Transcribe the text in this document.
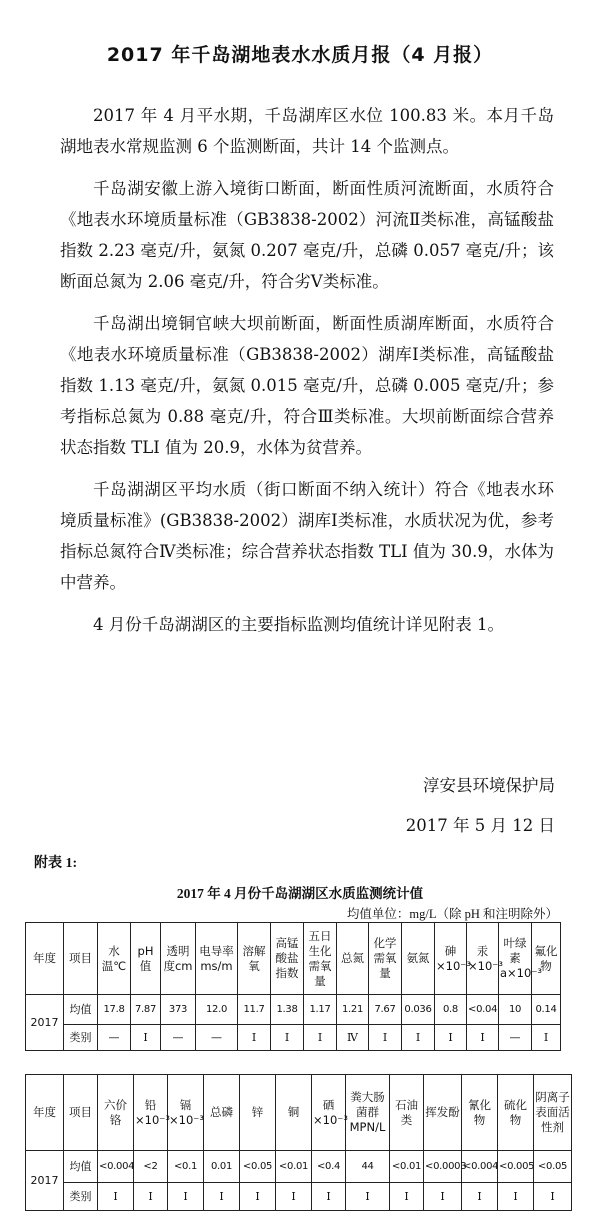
2017 年千岛湖地表水水质月报（4 月报）

2017 年 4 月平水期，千岛湖库区水位 100.83 米。本月千岛湖地表水常规监测 6 个监测断面，共计 14 个监测点。

千岛湖安徽上游入境街口断面，断面性质河流断面，水质符合《地表水环境质量标准（GB3838-2002）河流Ⅱ类标准，高锰酸盐指数 2.23 毫克/升，氨氮 0.207 毫克/升，总磷 0.057 毫克/升；该断面总氮为 2.06 毫克/升，符合劣Ⅴ类标准。

千岛湖出境铜官峡大坝前断面，断面性质湖库断面，水质符合《地表水环境质量标准（GB3838-2002）湖库Ⅰ类标准，高锰酸盐指数 1.13 毫克/升，氨氮 0.015 毫克/升，总磷 0.005 毫克/升；参考指标总氮为 0.88 毫克/升，符合Ⅲ类标准。大坝前断面综合营养状态指数 TLI 值为 20.9，水体为贫营养。

千岛湖湖区平均水质（街口断面不纳入统计）符合《地表水环境质量标准》(GB3838-2002）湖库Ⅰ类标准，水质状况为优，参考指标总氮符合Ⅳ类标准；综合营养状态指数 TLI 值为 30.9，水体为中营养。

4 月份千岛湖湖区的主要指标监测均值统计详见附表 1。

淳安县环境保护局
2017 年 5 月 12 日
附表 1:
2017 年 4 月份千岛湖湖区水质监测统计值
均值单位：mg/L（除 pH 和注明除外）
年度	项目	水温℃	pH值	透明度cm	电导率ms/m	溶解氧	高锰酸盐指数	五日生化需氧量	总氮	化学需氧量	氨氮	砷×10⁻³	汞×10⁻³	叶绿素a×10⁻³	氟化物
2017	均值	17.8	7.87	373	12.0	11.7	1.38	1.17	1.21	7.67	0.036	0.8	<0.04	10	0.14
	类别	—	Ⅰ	—	—	Ⅰ	Ⅰ	Ⅰ	Ⅳ	Ⅰ	Ⅰ	Ⅰ	Ⅰ	—	Ⅰ
年度	项目	六价铬	铅×10⁻³	镉×10⁻³	总磷	锌	铜	硒×10⁻³	粪大肠菌群MPN/L	石油类	挥发酚	氰化物	硫化物	阴离子表面活性剂
2017	均值	<0.004	<2	<0.1	0.01	<0.05	<0.01	<0.4	44	<0.01	<0.0003	<0.004	<0.005	<0.05
	类别	Ⅰ	Ⅰ	Ⅰ	Ⅰ	Ⅰ	Ⅰ	Ⅰ	Ⅰ	Ⅰ	Ⅰ	Ⅰ	Ⅰ	Ⅰ
